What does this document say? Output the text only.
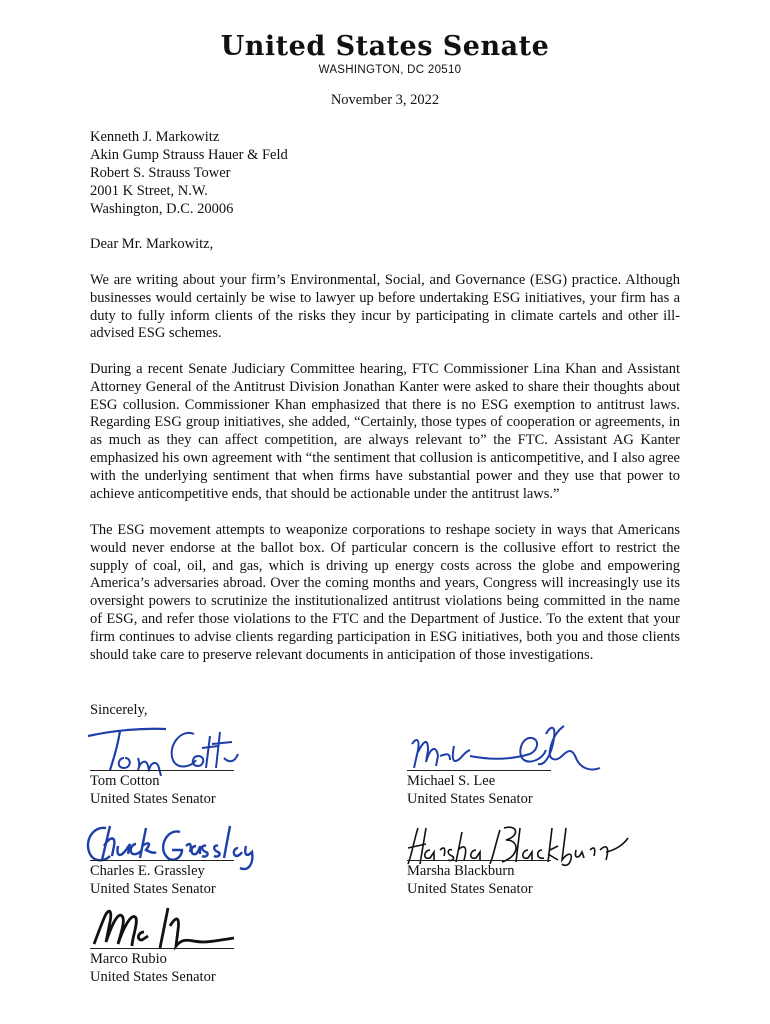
United States Senate
WASHINGTON, DC 20510
November 3, 2022
Kenneth J. Markowitz
Akin Gump Strauss Hauer & Feld
Robert S. Strauss Tower
2001 K Street, N.W.
Washington, D.C. 20006
Dear Mr. Markowitz,

We are writing about your firm’s Environmental, Social, and Governance (ESG) practice. Although businesses would certainly be wise to lawyer up before undertaking ESG initiatives, your firm has a duty to fully inform clients of the risks they incur by participating in climate cartels and other ill-advised ESG schemes.

During a recent Senate Judiciary Committee hearing, FTC Commissioner Lina Khan and Assistant Attorney General of the Antitrust Division Jonathan Kanter were asked to share their thoughts about ESG collusion. Commissioner Khan emphasized that there is no ESG exemption to antitrust laws. Regarding ESG group initiatives, she added, “Certainly, those types of cooperation or agreements, in as much as they can affect competition, are always relevant to” the FTC. Assistant AG Kanter emphasized his own agreement with “the sentiment that collusion is anticompetitive, and I also agree with the underlying sentiment that when firms have substantial power and they use that power to achieve anticompetitive ends, that should be actionable under the antitrust laws.”

The ESG movement attempts to weaponize corporations to reshape society in ways that Americans would never endorse at the ballot box. Of particular concern is the collusive effort to restrict the supply of coal, oil, and gas, which is driving up energy costs across the globe and empowering America’s adversaries abroad. Over the coming months and years, Congress will increasingly use its oversight powers to scrutinize the institutionalized antitrust violations being committed in the name of ESG, and refer those violations to the FTC and the Department of Justice. To the extent that your firm continues to advise clients regarding participation in ESG initiatives, both you and those clients should take care to preserve relevant documents in anticipation of those investigations.

Sincerely,
Tom Cotton
United States Senator
Michael S. Lee
United States Senator
Charles E. Grassley
United States Senator
Marsha Blackburn
United States Senator
Marco Rubio
United States Senator
